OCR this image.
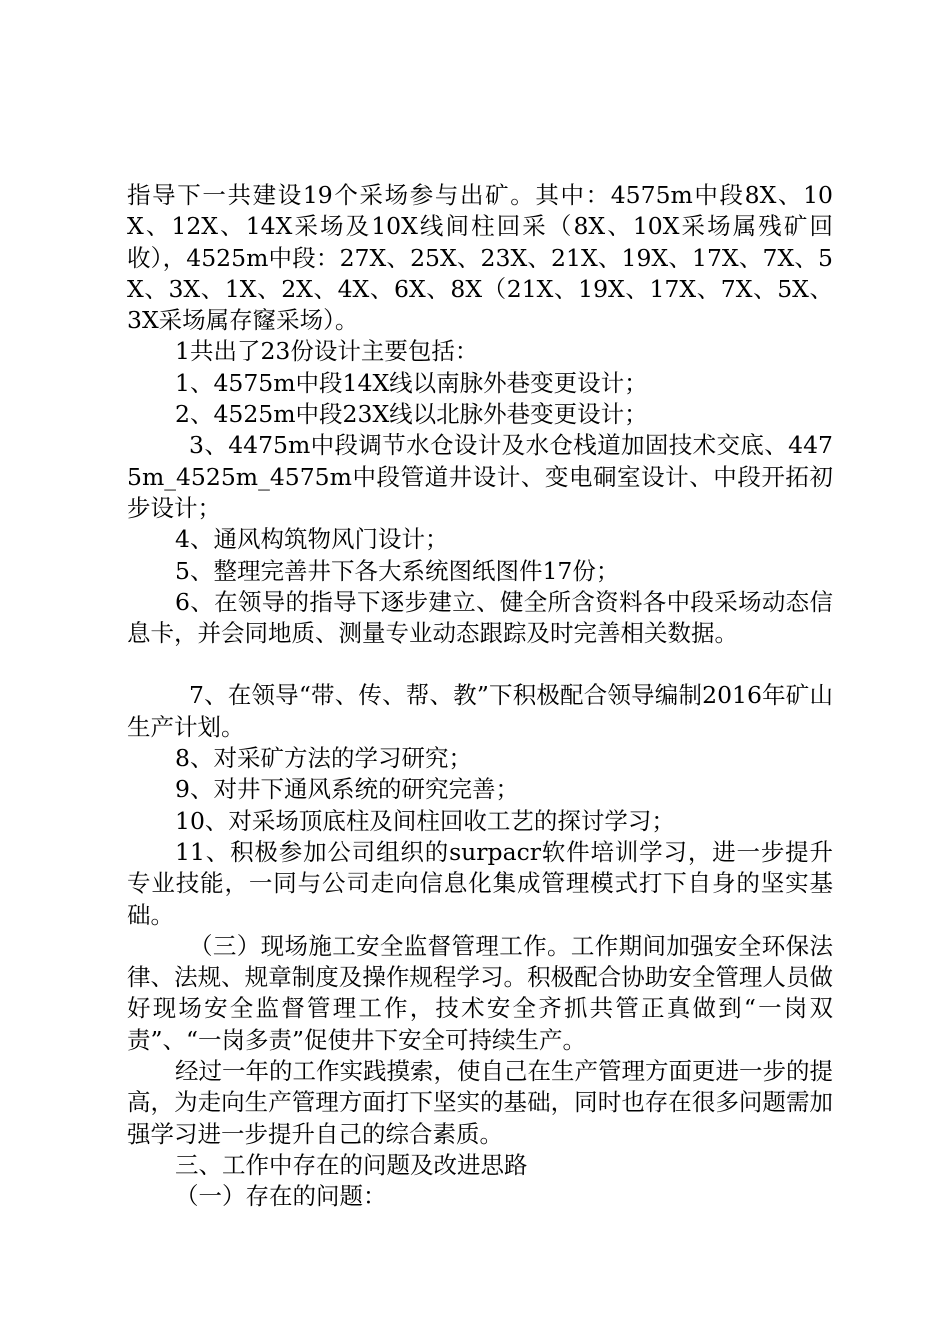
指导下一共建设19个采场参与出矿。其中：4575m中段8X、10X、12X、14X采场及10X线间柱回采（8X、10X采场属残矿回收），4525m中段：27X、25X、23X、21X、19X、17X、7X、5X、3X、1X、2X、4X、6X、8X（21X、19X、17X、7X、5X、3X采场属存窿采场）。

1共出了23份设计主要包括：

1、4575m中段14X线以南脉外巷变更设计；

2、4525m中段23X线以北脉外巷变更设计；

3、4475m中段调节水仓设计及水仓栈道加固技术交底、4475m_4525m_4575m中段管道井设计、变电硐室设计、中段开拓初步设计；

4、通风构筑物风门设计；

5、整理完善井下各大系统图纸图件17份；

6、在领导的指导下逐步建立、健全所含资料各中段采场动态信息卡，并会同地质、测量专业动态跟踪及时完善相关数据。

7、在领导“带、传、帮、教”下积极配合领导编制2016年矿山生产计划。

8、对采矿方法的学习研究；

9、对井下通风系统的研究完善；

10、对采场顶底柱及间柱回收工艺的探讨学习；

11、积极参加公司组织的surpacr软件培训学习，进一步提升专业技能，一同与公司走向信息化集成管理模式打下自身的坚实基础。

（三）现场施工安全监督管理工作。工作期间加强安全环保法律、法规、规章制度及操作规程学习。积极配合协助安全管理人员做好现场安全监督管理工作，技术安全齐抓共管正真做到“一岗双责”、“一岗多责”促使井下安全可持续生产。

经过一年的工作实践摸索，使自己在生产管理方面更进一步的提高，为走向生产管理方面打下坚实的基础，同时也存在很多问题需加强学习进一步提升自己的综合素质。

三、工作中存在的问题及改进思路

（一）存在的问题：
